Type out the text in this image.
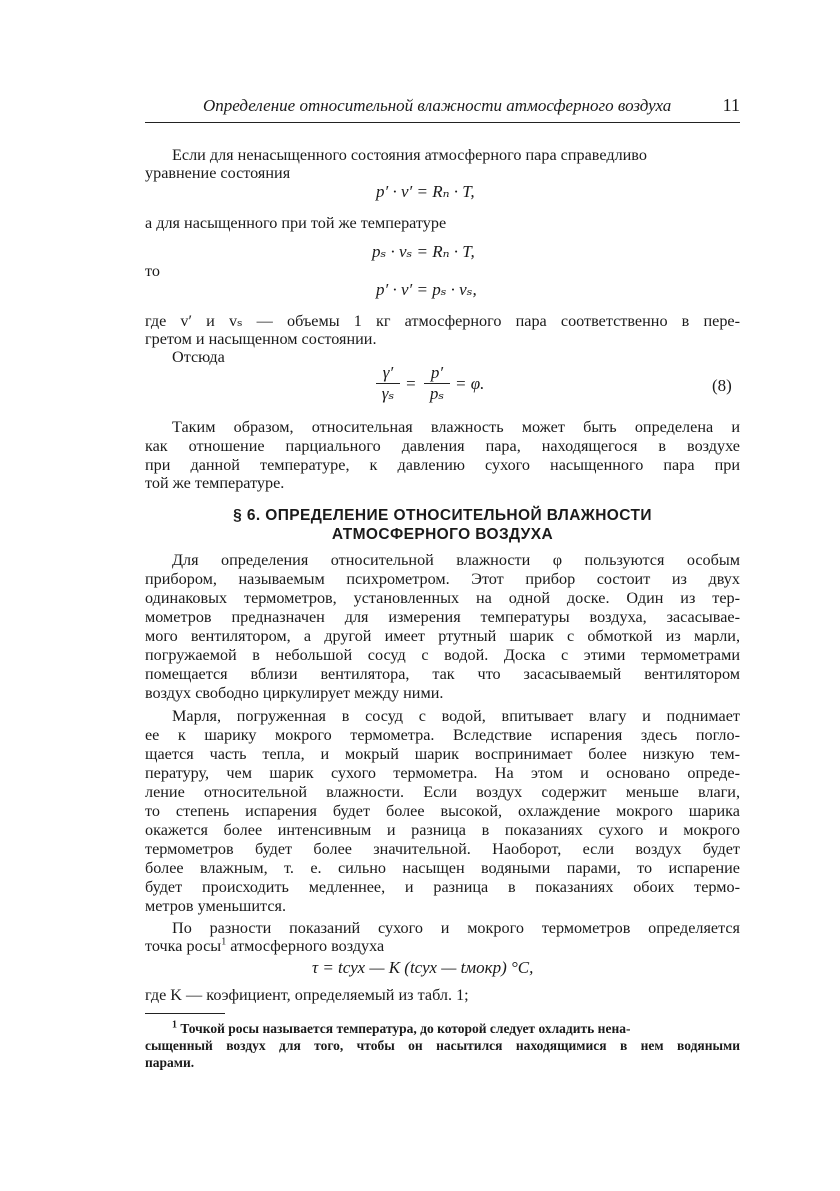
Определение относительной влажности атмосферного воздуха	11
Если для ненасыщенного состояния атмосферного пара справедливо
уравнение состояния
p′ · v′ = Rₙ · T,
а для насыщенного при той же температуре
pₛ · vₛ = Rₙ · T,
то
p′ · v′ = pₛ · vₛ,
где v′ и vₛ — объемы 1 кг атмосферного пара соответственно в пере-
гретом и насыщенном состоянии.
Отсюда
γ′
γₛ
=
p′
pₛ
= φ.	(8)
Таким образом, относительная влажность может быть определена и
как отношение парциального давления пара, находящегося в воздухе
при данной температуре, к давлению сухого насыщенного пара при
той же температуре.
§ 6. ОПРЕДЕЛЕНИЕ ОТНОСИТЕЛЬНОЙ ВЛАЖНОСТИ
АТМОСФЕРНОГО ВОЗДУХА
Для определения относительной влажности φ пользуются особым
прибором, называемым психрометром. Этот прибор состоит из двух
одинаковых термометров, установленных на одной доске. Один из тер-
мометров предназначен для измерения температуры воздуха, засасывае-
мого вентилятором, а другой имеет ртутный шарик с обмоткой из марли,
погружаемой в небольшой сосуд с водой. Доска с этими термометрами
помещается вблизи вентилятора, так что засасываемый вентилятором
воздух свободно циркулирует между ними.
Марля, погруженная в сосуд с водой, впитывает влагу и поднимает
ее к шарику мокрого термометра. Вследствие испарения здесь погло-
щается часть тепла, и мокрый шарик воспринимает более низкую тем-
пературу, чем шарик сухого термометра. На этом и основано опреде-
ление относительной влажности. Если воздух содержит меньше влаги,
то степень испарения будет более высокой, охлаждение мокрого шарика
окажется более интенсивным и разница в показаниях сухого и мокрого
термометров будет более значительной. Наоборот, если воздух будет
более влажным, т. е. сильно насыщен водяными парами, то испарение
будет происходить медленнее, и разница в показаниях обоих термо-
метров уменьшится.
По разности показаний сухого и мокрого термометров определяется
точка росы$^1$ атмосферного воздуха
τ = tсух — K (tсух — tмокр) °C,
где K — коэфициент, определяемый из табл. 1;
$^1$ Точкой росы называется температура, до которой следует охладить нена-
сыщенный воздух для того, чтобы он насытился находящимися в нем водяными
парами.
